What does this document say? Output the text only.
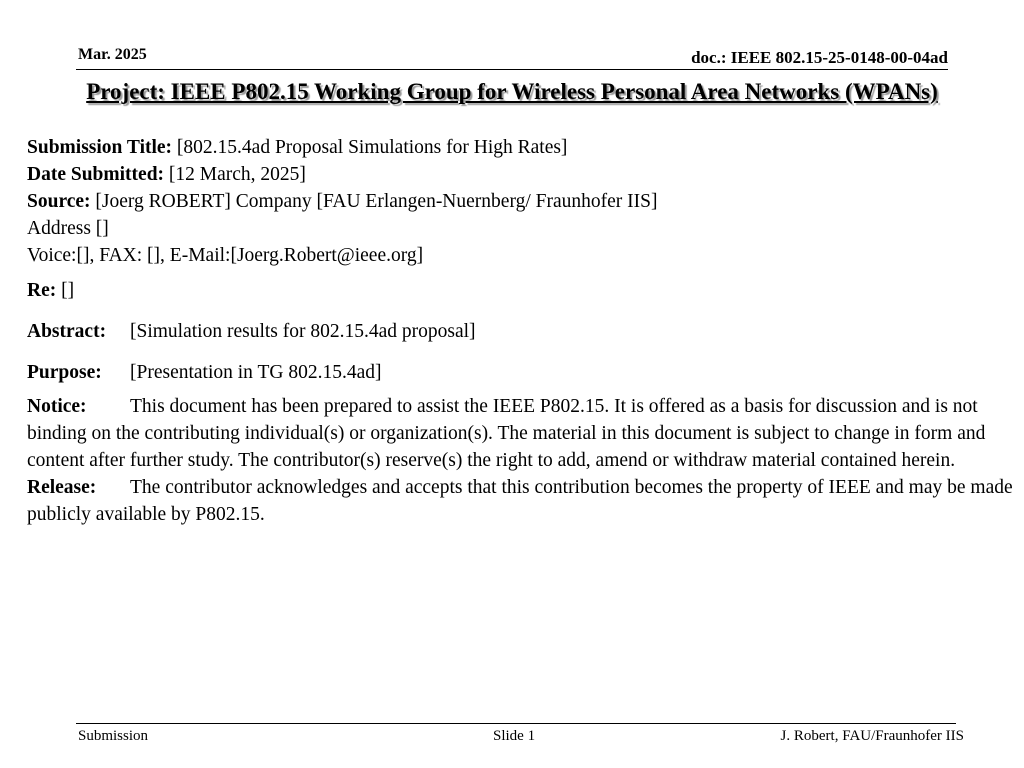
Mar. 2025	doc.: IEEE 802.15-25-0148-00-04ad
Project: IEEE P802.15 Working Group for Wireless Personal Area Networks (WPANs)
Submission Title: [802.15.4ad Proposal Simulations for High Rates]
Date Submitted: [12 March, 2025]
Source: [Joerg ROBERT] Company [FAU Erlangen-Nuernberg/ Fraunhofer IIS]
Address []
Voice:[], FAX: [], E-Mail:[Joerg.Robert@ieee.org]
Re: []
Abstract: [Simulation results for 802.15.4ad proposal]
Purpose: [Presentation in TG 802.15.4ad]
Notice: This document has been prepared to assist the IEEE P802.15. It is offered as a basis for discussion and is not binding on the contributing individual(s) or organization(s). The material in this document is subject to change in form and content after further study. The contributor(s) reserve(s) the right to add, amend or withdraw material contained herein.
Release: The contributor acknowledges and accepts that this contribution becomes the property of IEEE and may be made publicly available by P802.15.
Submission	Slide 1	J. Robert, FAU/Fraunhofer IIS
